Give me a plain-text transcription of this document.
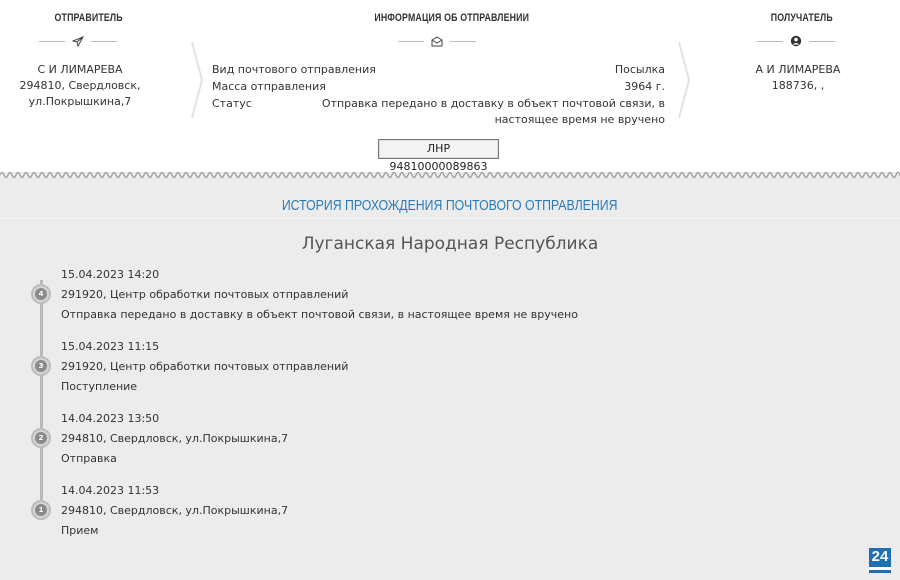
ОТПРАВИТЕЛЬ
С И ЛИМАРЕВА
294810, Свердловск,
ул.Покрышкина,7
ИНФОРМАЦИЯ ОБ ОТПРАВЛЕНИИ
Вид почтового отправления	Посылка
Масса отправления	3964 г.
Статус	Отправка передано в доставку в объект почтовой связи, в настоящее время не вручено
ЛНР 94810000089863
ПОЛУЧАТЕЛЬ
А И ЛИМАРЕВА
188736, ,
ИСТОРИЯ ПРОХОЖДЕНИЯ ПОЧТОВОГО ОТПРАВЛЕНИЯ
Луганская Народная Республика
4
15.04.2023 14:20
291920, Центр обработки почтовых отправлений
Отправка передано в доставку в объект почтовой связи, в настоящее время не вручено
3
15.04.2023 11:15
291920, Центр обработки почтовых отправлений
Поступление
2
14.04.2023 13:50
294810, Свердловск, ул.Покрышкина,7
Отправка
1
14.04.2023 11:53
294810, Свердловск, ул.Покрышкина,7
Прием
24
